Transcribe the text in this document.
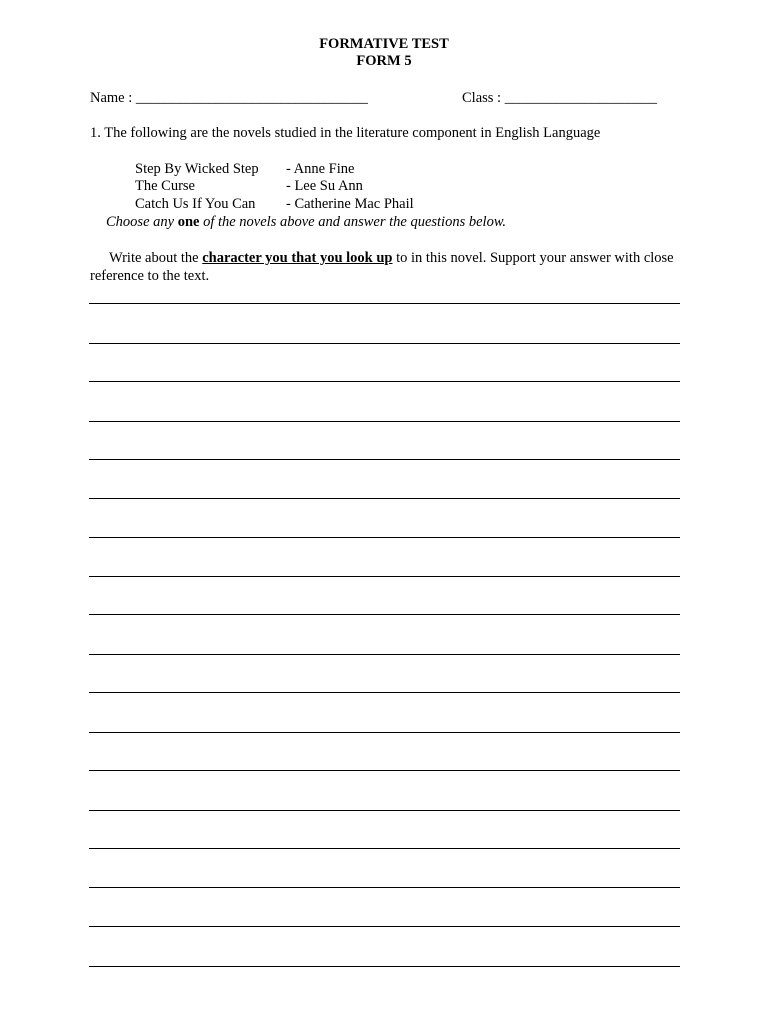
FORMATIVE TEST
FORM 5
Name : ________________________________	Class : _____________________
1. The following are the novels studied in the literature component in English Language
Step By Wicked Step - Anne Fine
The Curse	- Lee Su Ann
Catch Us If You Can - Catherine Mac Phail
Choose any one of the novels above and answer the questions below.
Write about the character you that you look up to in this novel. Support your answer with close reference to the text.
